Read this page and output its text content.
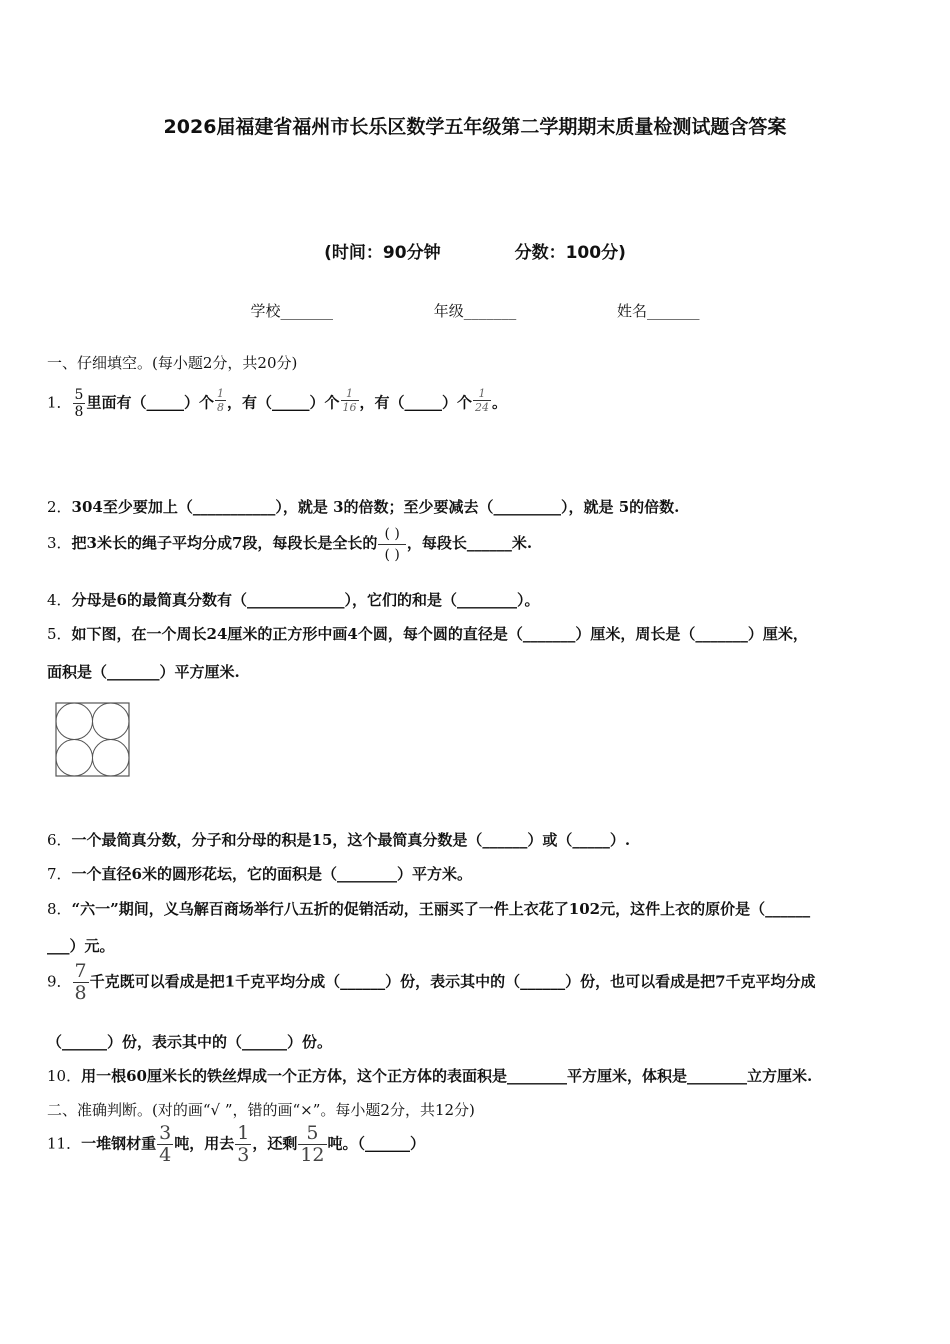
2026届福建省福州市长乐区数学五年级第二学期期末质量检测试题含答案
(时间：90分钟	分数：100分)
学校_______	年级_______	姓名_______
一、仔细填空。(每小题2分，共20分)
1． $\frac{5}{8}$ 里面有（_____）个 $\frac{1}{8}$ ，有（_____）个 $\frac{1}{16}$ ，有（_____）个 $\frac{1}{24}$ 。
2．304至少要加上（___________），就是 3的倍数；至少要减去（_________），就是 5的倍数.
3．把3米长的绳子平均分成7段，每段长是全长的 $\frac{( )}{( )}$ ，每段长______米.
4．分母是6的最简真分数有（_____________），它们的和是（________）。
5．如下图，在一个周长24厘米的正方形中画4个圆，每个圆的直径是（_______）厘米，周长是（_______）厘米，
面积是（_______）平方厘米.
6．一个最简真分数，分子和分母的积是15，这个最简真分数是（______）或（_____）.
7．一个直径6米的圆形花坛，它的面积是（________）平方米。
8．“六一”期间，义乌解百商场举行八五折的促销活动，王丽买了一件上衣花了102元，这件上衣的原价是（______
___）元。
9． $\frac{7}{8}$ 千克既可以看成是把1千克平均分成（______）份，表示其中的（______）份，也可以看成是把7千克平均分成
（______）份，表示其中的（______）份。
10．用一根60厘米长的铁丝焊成一个正方体，这个正方体的表面积是________平方厘米，体积是________立方厘米.
二、准确判断。(对的画“√ ”，错的画“×”。每小题2分，共12分)
11．一堆钢材重 $\frac{3}{4}$ 吨，用去 $\frac{1}{3}$ ，还剩 $\frac{5}{12}$ 吨。（______）
